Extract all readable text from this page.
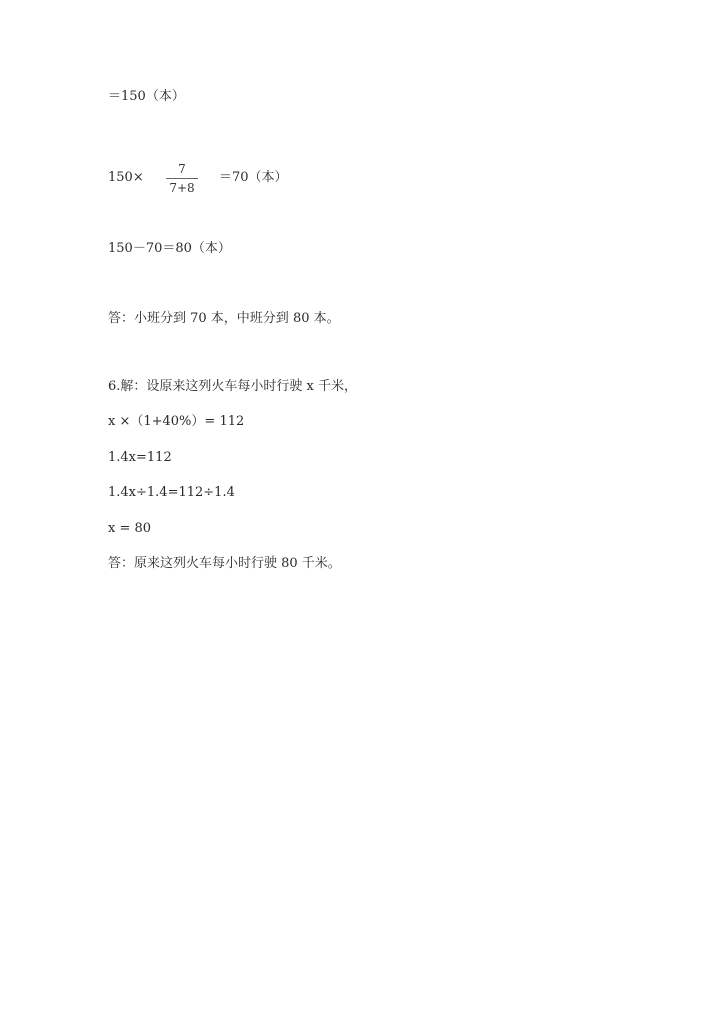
＝150（本）
150×
7
7+8
＝70（本）
150－70＝80（本）
答：小班分到 70 本，中班分到 80 本。
6.解：设原来这列火车每小时行驶 x 千米，
x ×（1+40%）= 112
1.4x=112
1.4x÷1.4=112÷1.4
x = 80
答：原来这列火车每小时行驶 80 千米。
